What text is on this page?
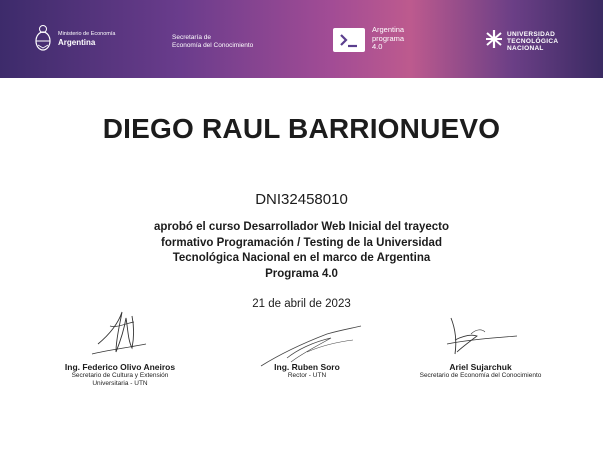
Ministerio de Economía
Argentina
Secretaría de
Economía del Conocimiento
Argentina
programa
4.0
UNIVERSIDAD
TECNOLÓGICA
NACIONAL
DIEGO RAUL BARRIONUEVO
DNI32458010
aprobó el curso Desarrollador Web Inicial del trayecto formativo Programación / Testing de la Universidad Tecnológica Nacional en el marco de Argentina Programa 4.0
21 de abril de 2023
Ing. Federico Olivo Aneiros
Secretario de Cultura y Extensión
Universitaria - UTN
Ing. Ruben Soro
Rector - UTN
Ariel Sujarchuk
Secretario de Economía del Conocimiento
